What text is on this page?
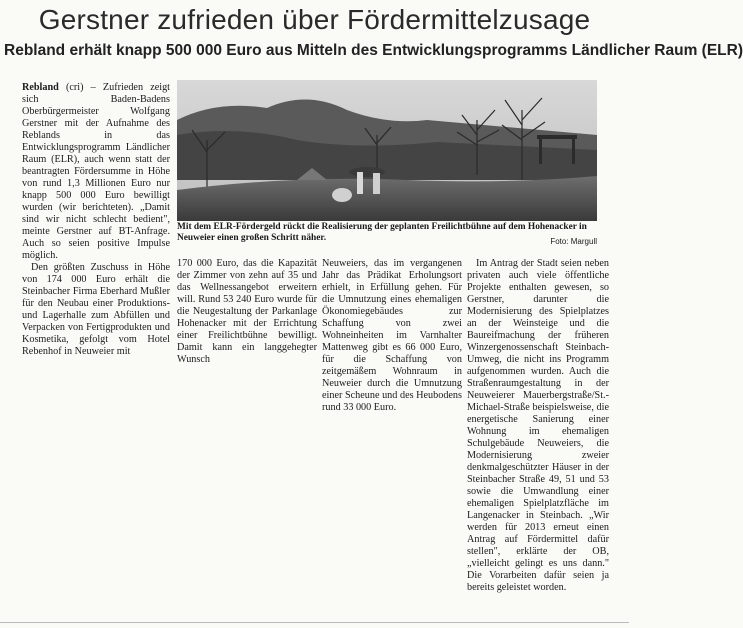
Gerstner zufrieden über Fördermittelzusage
Rebland erhält knapp 500 000 Euro aus Mitteln des Entwicklungsprogramms Ländlicher Raum (ELR)
Mit dem ELR-Fördergeld rückt die Realisierung der geplanten Freilichtbühne auf dem Hohenacker in Neuweier einen großen Schritt näher.	Foto: Margull

Rebland (cri) – Zufrieden zeigt sich Baden-Badens Oberbürgermeister Wolfgang Gerstner mit der Aufnahme des Reblands in das Entwicklungsprogramm Ländlicher Raum (ELR), auch wenn statt der beantragten Fördersumme in Höhe von rund 1,3 Millionen Euro nur knapp 500 000 Euro bewilligt wurden (wir berichteten). „Damit sind wir nicht schlecht bedient", meinte Gerstner auf BT-Anfrage. Auch so seien positive Impulse möglich.

Den größten Zuschuss in Höhe von 174 000 Euro erhält die Steinbacher Firma Eberhard Mußler für den Neubau einer Produktions- und Lagerhalle zum Abfüllen und Verpacken von Fertigprodukten und Kosmetika, gefolgt vom Hotel Rebenhof in Neuweier mit

170 000 Euro, das die Kapazität der Zimmer von zehn auf 35 und das Wellnessangebot erweitern will. Rund 53 240 Euro wurde für die Neugestaltung der Parkanlage Hohenacker mit der Errichtung einer Freilichtbühne bewilligt. Damit kann ein langgehegter Wunsch

Neuweiers, das im vergangenen Jahr das Prädikat Erholungsort erhielt, in Erfüllung gehen. Für die Umnutzung eines ehemaligen Ökonomiegebäudes zur Schaffung von zwei Wohneinheiten im Varnhalter Mattenweg gibt es 66 000 Euro, für die Schaffung von zeitgemäßem Wohnraum in Neuweier durch die Umnutzung einer Scheune und des Heubodens rund 33 000 Euro.

Im Antrag der Stadt seien neben privaten auch viele öffentliche Projekte enthalten gewesen, so Gerstner, darunter die Modernisierung des Spielplatzes an der Weinsteige und die Baureifmachung der früheren Winzergenossenschaft Steinbach-Umweg, die nicht ins Programm aufgenommen wurden. Auch die Straßenraumgestaltung in der Neuweierer Mauerbergstraße/St.-Michael-Straße beispielsweise, die energetische Sanierung einer Wohnung im ehemaligen Schulgebäude Neuweiers, die Modernisierung zweier denkmalgeschützter Häuser in der Steinbacher Straße 49, 51 und 53 sowie die Umwandlung einer ehemaligen Spielplatzfläche im Langenacker in Steinbach. „Wir werden für 2013 erneut einen Antrag auf Fördermittel dafür stellen", erklärte der OB, „vielleicht gelingt es uns dann." Die Vorarbeiten dafür seien ja bereits geleistet worden.
